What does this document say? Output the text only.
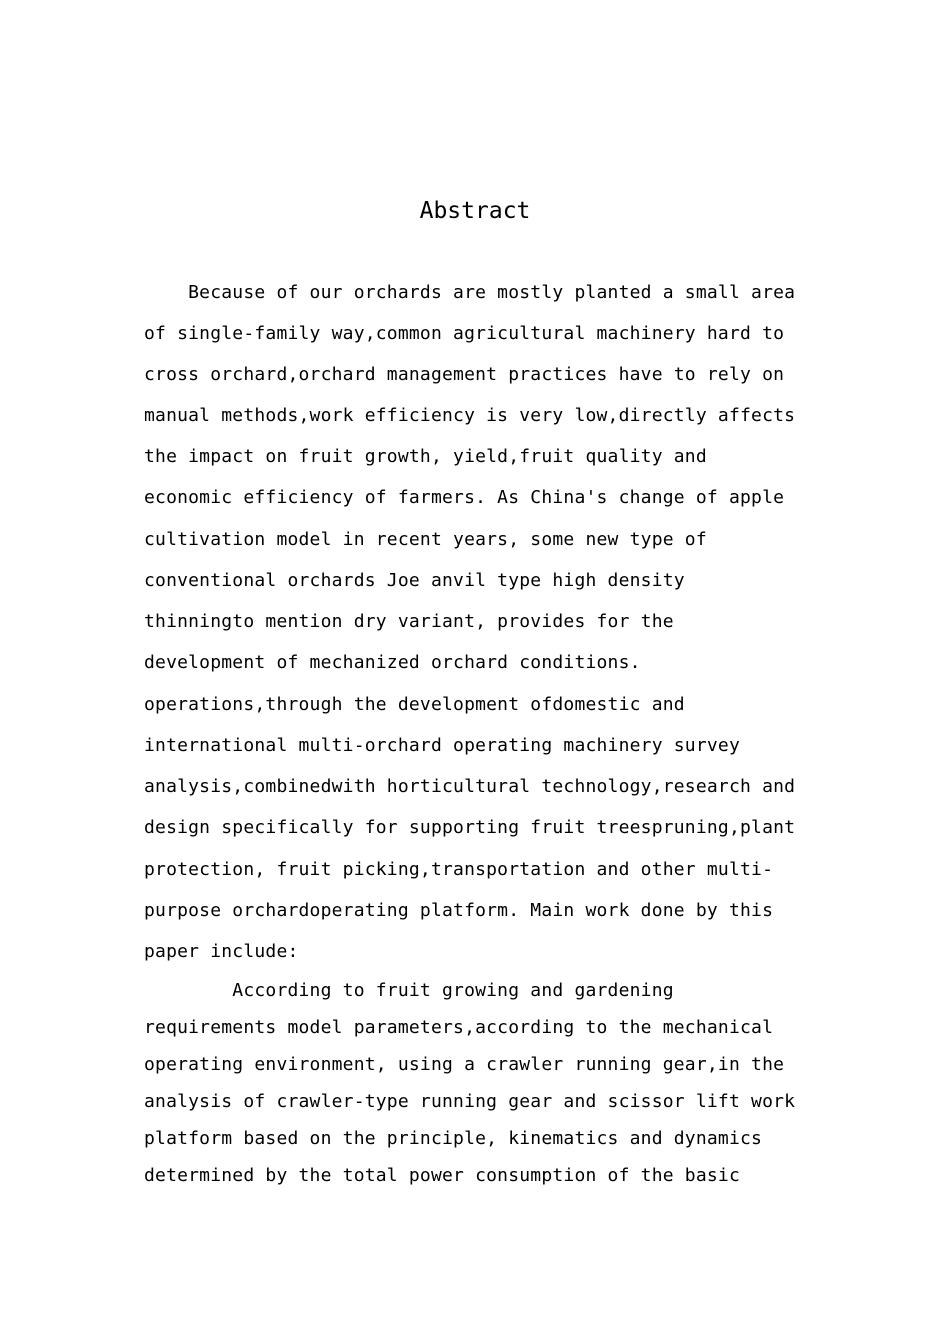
Abstract
Because of our orchards are mostly planted a small area
of single-family way,common agricultural machinery hard to
cross orchard,orchard management practices have to rely on
manual methods,work efficiency is very low,directly affects
the impact on fruit growth, yield,fruit quality and
economic efficiency of farmers. As China's change of apple
cultivation model in recent years, some new type of
conventional orchards Joe anvil type high density
thinningto mention dry variant, provides for the
development of mechanized orchard conditions.
operations,through the development ofdomestic and
international multi-orchard operating machinery survey
analysis,combinedwith horticultural technology,research and
design specifically for supporting fruit treespruning,plant
protection, fruit picking,transportation and other multi-
purpose orchardoperating platform. Main work done by this
paper include:
According to fruit growing and gardening
requirements model parameters,according to the mechanical
operating environment, using a crawler running gear,in the
analysis of crawler-type running gear and scissor lift work
platform based on the principle, kinematics and dynamics
determined by the total power consumption of the basic
